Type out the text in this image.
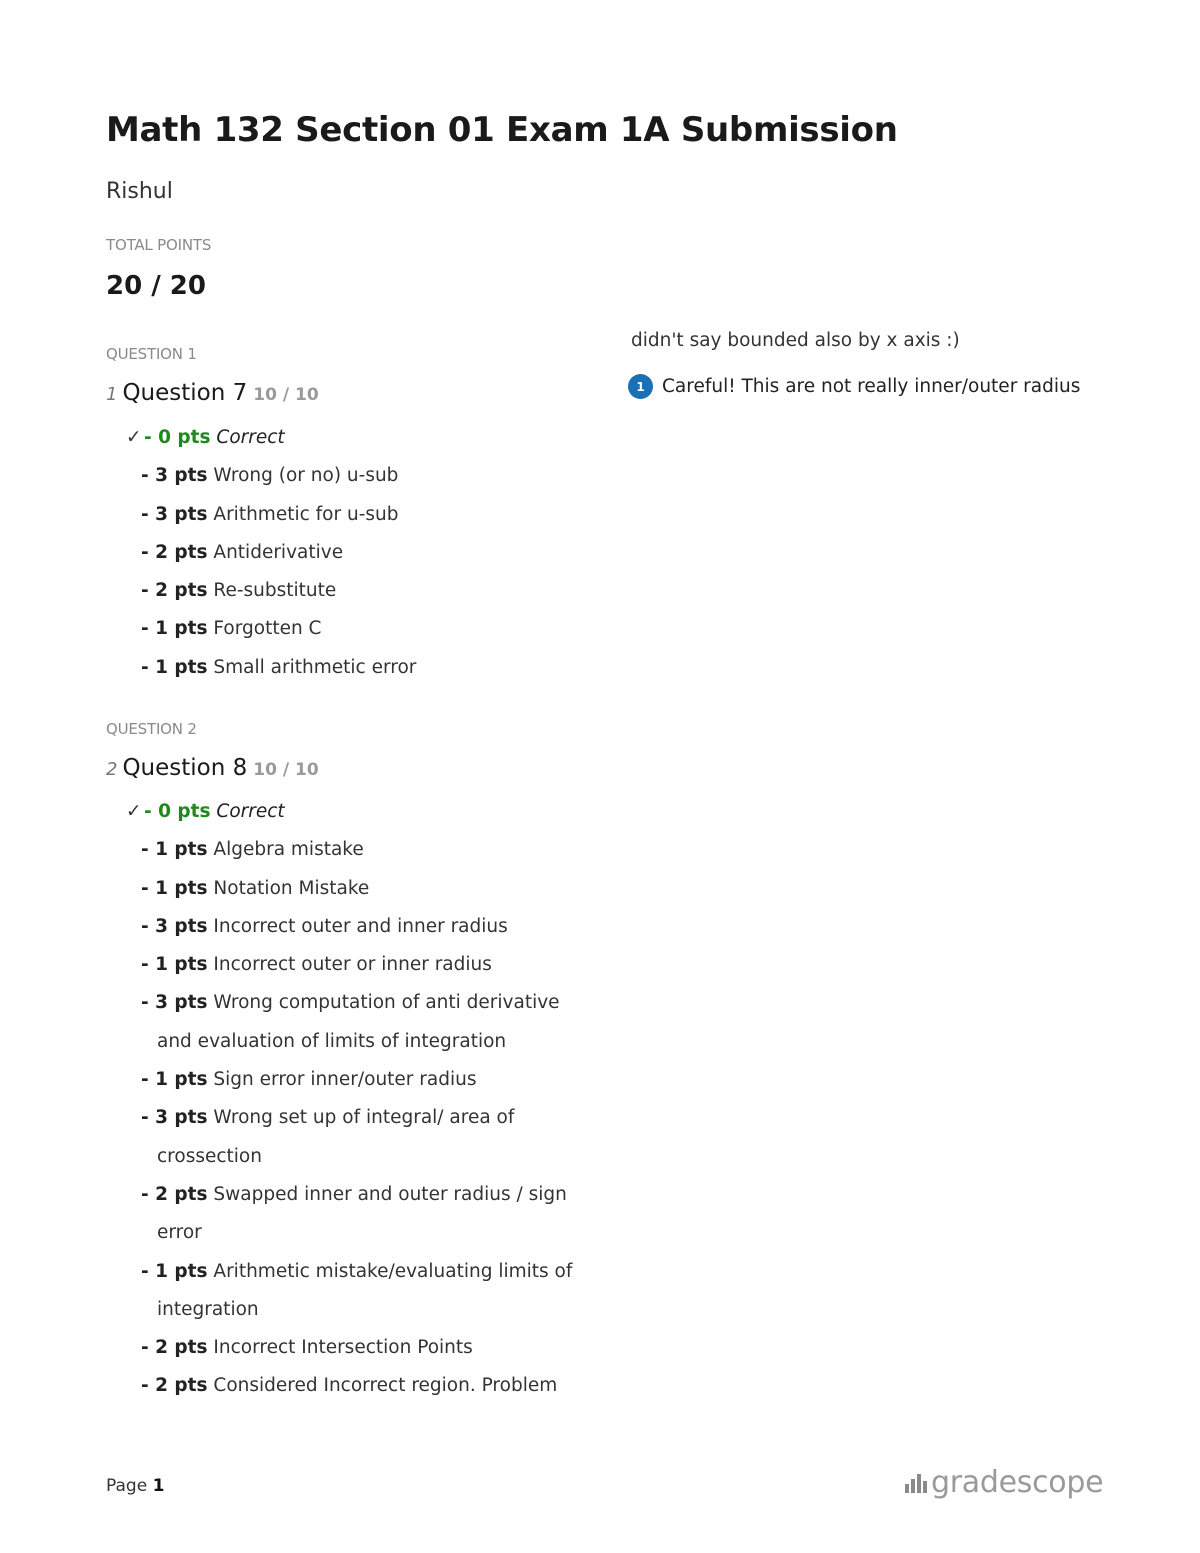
Math 132 Section 01 Exam 1A Submission
Rishul
TOTAL POINTS
20 / 20
QUESTION 1
1 Question 7 10 / 10
✓ - 0 pts Correct
- 3 pts Wrong (or no) u-sub
- 3 pts Arithmetic for u-sub
- 2 pts Antiderivative
- 2 pts Re-substitute
- 1 pts Forgotten C
- 1 pts Small arithmetic error
QUESTION 2
2 Question 8 10 / 10
✓ - 0 pts Correct
- 1 pts Algebra mistake
- 1 pts Notation Mistake
- 3 pts Incorrect outer and inner radius
- 1 pts Incorrect outer or inner radius
- 3 pts Wrong computation of anti derivative and evaluation of limits of integration
- 1 pts Sign error inner/outer radius
- 3 pts Wrong set up of integral/ area of crossection
- 2 pts Swapped inner and outer radius / sign error
- 1 pts Arithmetic mistake/evaluating limits of integration
- 2 pts Incorrect Intersection Points
- 2 pts Considered Incorrect region. Problem
didn't say bounded also by x axis :)
1 Careful! This are not really inner/outer radius
Page 1	gradescope
